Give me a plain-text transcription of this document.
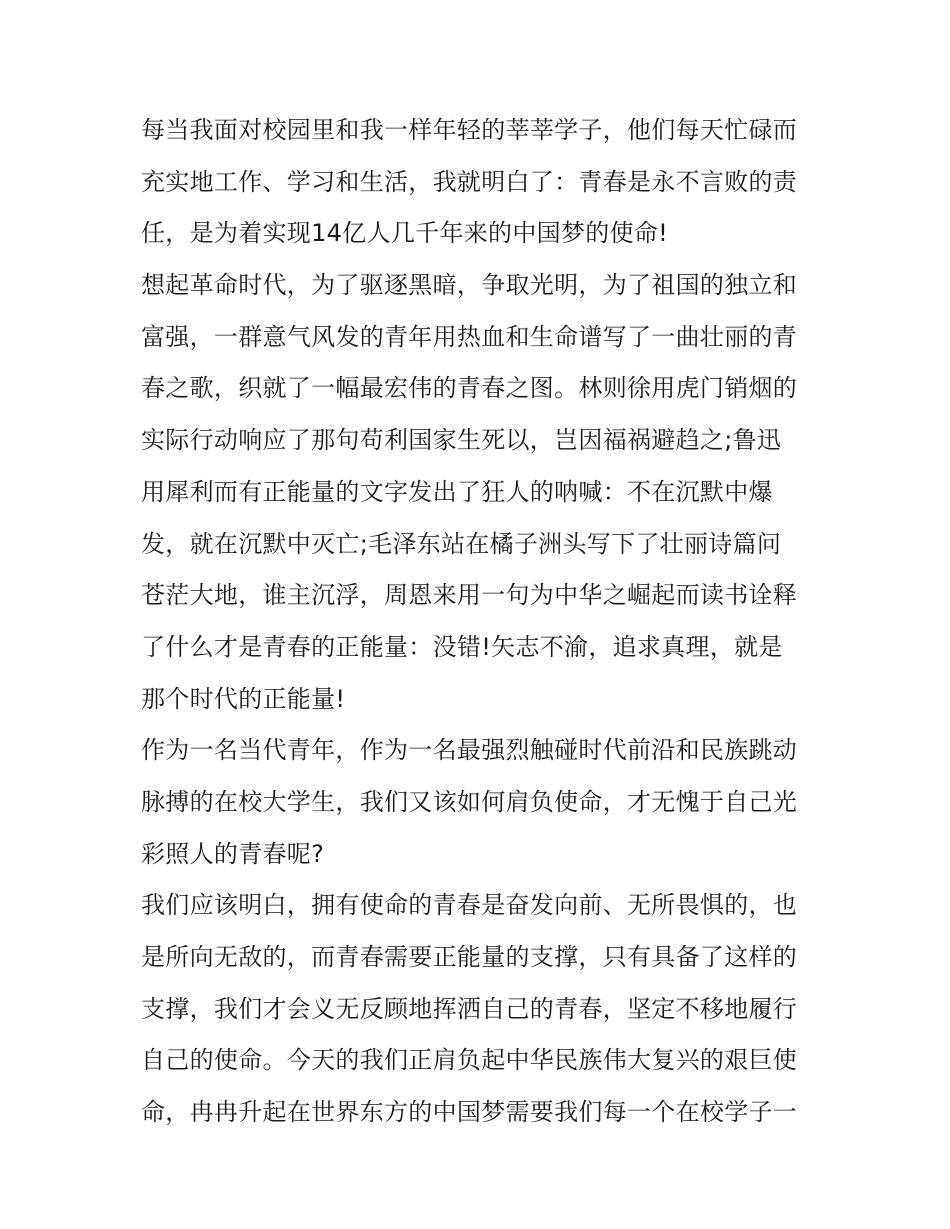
每当我面对校园里和我一样年轻的莘莘学子，他们每天忙碌而
充实地工作、学习和生活，我就明白了：青春是永不言败的责
任，是为着实现14亿人几千年来的中国梦的使命!
想起革命时代，为了驱逐黑暗，争取光明，为了祖国的独立和
富强，一群意气风发的青年用热血和生命谱写了一曲壮丽的青
春之歌，织就了一幅最宏伟的青春之图。林则徐用虎门销烟的
实际行动响应了那句苟利国家生死以，岂因福祸避趋之;鲁迅
用犀利而有正能量的文字发出了狂人的呐喊：不在沉默中爆
发，就在沉默中灭亡;毛泽东站在橘子洲头写下了壮丽诗篇问
苍茫大地，谁主沉浮，周恩来用一句为中华之崛起而读书诠释
了什么才是青春的正能量：没错!矢志不渝，追求真理，就是
那个时代的正能量!
作为一名当代青年，作为一名最强烈触碰时代前沿和民族跳动
脉搏的在校大学生，我们又该如何肩负使命，才无愧于自己光
彩照人的青春呢?
我们应该明白，拥有使命的青春是奋发向前、无所畏惧的，也
是所向无敌的，而青春需要正能量的支撑，只有具备了这样的
支撑，我们才会义无反顾地挥洒自己的青春，坚定不移地履行
自己的使命。今天的我们正肩负起中华民族伟大复兴的艰巨使
命，冉冉升起在世界东方的中国梦需要我们每一个在校学子一
